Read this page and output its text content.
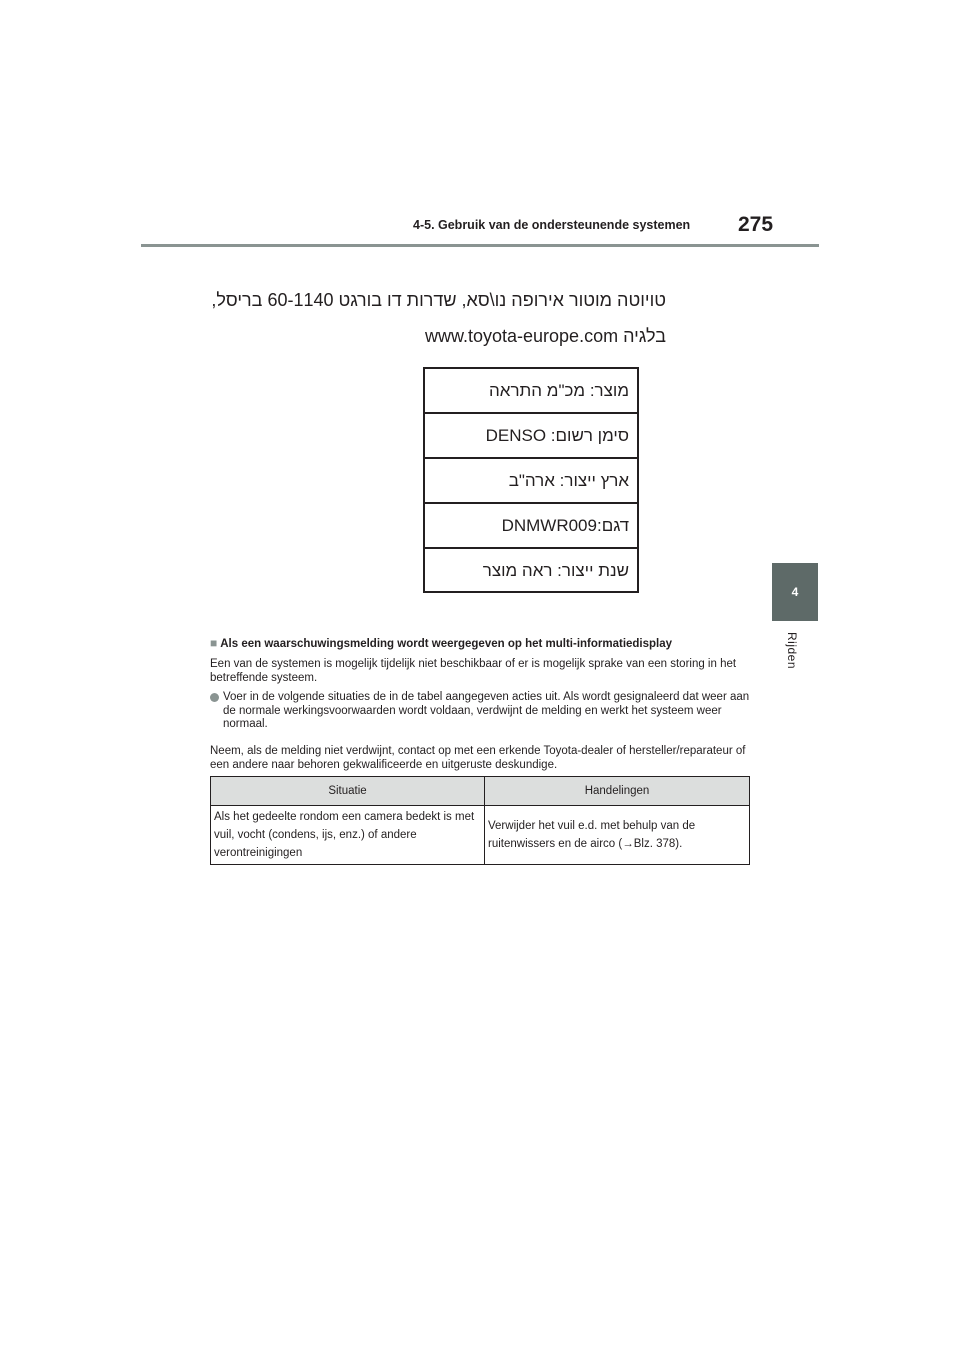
4-5. Gebruik van de ondersteunende systemen 275
4
Rijden
טויוטה מוטור אירופה נו\סא, שדרות דו בורגט 60-1140 בריסל,
בלגיה www.toyota-europe.com
מוצר: מכ"מ התראה
סימן רשום: DENSO
ארץ ייצור: ארה"ב
דגם:DNMWR009
שנת ייצור: ראה מוצר
■ Als een waarschuwingsmelding wordt weergegeven op het multi-informatiedisplay
Een van de systemen is mogelijk tijdelijk niet beschikbaar of er is mogelijk sprake van een storing in het betreffende systeem.
Voer in de volgende situaties de in de tabel aangegeven acties uit. Als wordt gesignaleerd dat weer aan de normale werkingsvoorwaarden wordt voldaan, verdwijnt de melding en werkt het systeem weer normaal.
Neem, als de melding niet verdwijnt, contact op met een erkende Toyota-dealer of hersteller/reparateur of een andere naar behoren gekwalificeerde en uitgeruste deskundige.
Situatie	Handelingen
Als het gedeelte rondom een camera bedekt is met vuil, vocht (condens, ijs, enz.) of andere verontreinigingen	Verwijder het vuil e.d. met behulp van de ruitenwissers en de airco (→Blz. 378).
